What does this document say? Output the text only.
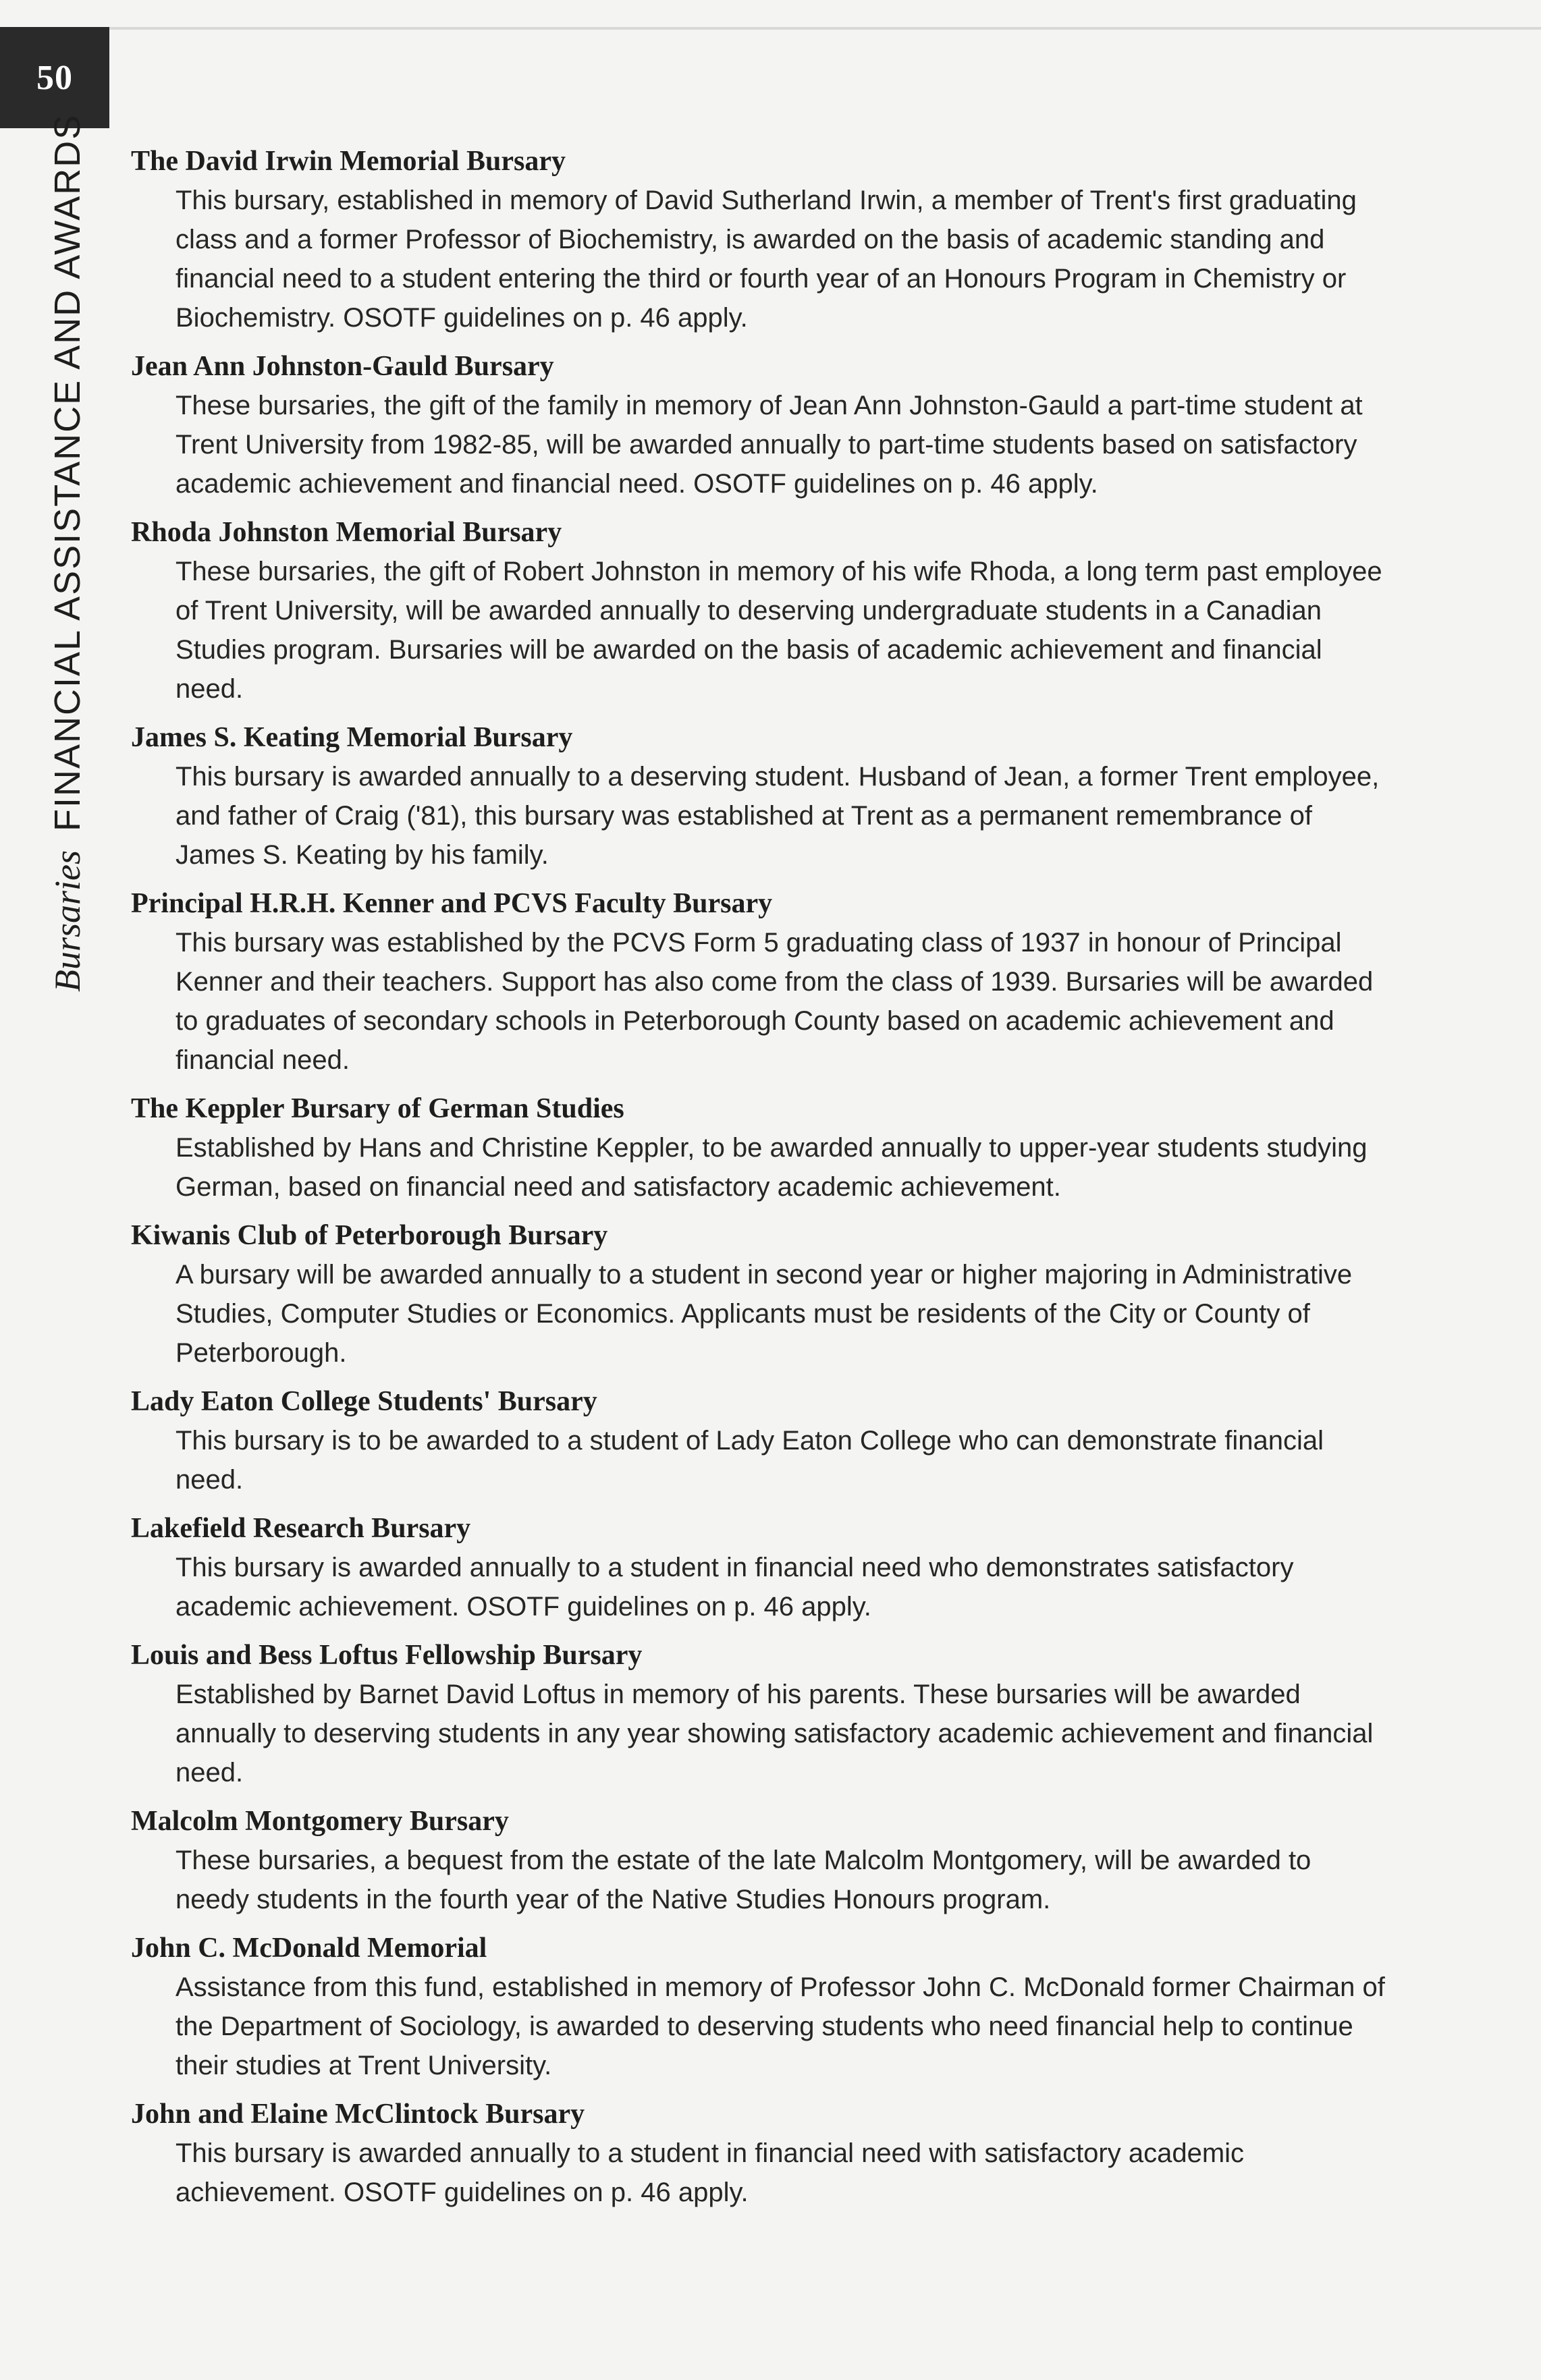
50
BursariesFINANCIAL ASSISTANCE AND AWARDS The David Irwin Memorial Bursary

This bursary, established in memory of David Sutherland Irwin, a member of Trent's first graduating class and a former Professor of Biochemistry, is awarded on the basis of academic standing and financial need to a student entering the third or fourth year of an Honours Program in Chemistry or Biochemistry. OSOTF guidelines on p. 46 apply.

Jean Ann Johnston-Gauld Bursary

These bursaries, the gift of the family in memory of Jean Ann Johnston-Gauld a part-time student at Trent University from 1982-85, will be awarded annually to part-time students based on satisfactory academic achievement and financial need. OSOTF guidelines on p. 46 apply.

Rhoda Johnston Memorial Bursary

These bursaries, the gift of Robert Johnston in memory of his wife Rhoda, a long term past employee of Trent University, will be awarded annually to deserving undergraduate students in a Canadian Studies program. Bursaries will be awarded on the basis of academic achievement and financial need.

James S. Keating Memorial Bursary

This bursary is awarded annually to a deserving student. Husband of Jean, a former Trent employee, and father of Craig ('81), this bursary was established at Trent as a permanent remembrance of James S. Keating by his family.

Principal H.R.H. Kenner and PCVS Faculty Bursary

This bursary was established by the PCVS Form 5 graduating class of 1937 in honour of Principal Kenner and their teachers. Support has also come from the class of 1939. Bursaries will be awarded to graduates of secondary schools in Peterborough County based on academic achievement and financial need.

The Keppler Bursary of German Studies

Established by Hans and Christine Keppler, to be awarded annually to upper-year students studying German, based on financial need and satisfactory academic achievement.

Kiwanis Club of Peterborough Bursary

A bursary will be awarded annually to a student in second year or higher majoring in Administrative Studies, Computer Studies or Economics. Applicants must be residents of the City or County of Peterborough.

Lady Eaton College Students' Bursary

This bursary is to be awarded to a student of Lady Eaton College who can demonstrate financial need.

Lakefield Research Bursary

This bursary is awarded annually to a student in financial need who demonstrates satisfactory academic achievement. OSOTF guidelines on p. 46 apply.

Louis and Bess Loftus Fellowship Bursary

Established by Barnet David Loftus in memory of his parents. These bursaries will be awarded annually to deserving students in any year showing satisfactory academic achievement and financial need.

Malcolm Montgomery Bursary

These bursaries, a bequest from the estate of the late Malcolm Montgomery, will be awarded to needy students in the fourth year of the Native Studies Honours program.

John C. McDonald Memorial

Assistance from this fund, established in memory of Professor John C. McDonald former Chairman of the Department of Sociology, is awarded to deserving students who need financial help to continue their studies at Trent University.

John and Elaine McClintock Bursary

This bursary is awarded annually to a student in financial need with satisfactory academic achievement. OSOTF guidelines on p. 46 apply.
